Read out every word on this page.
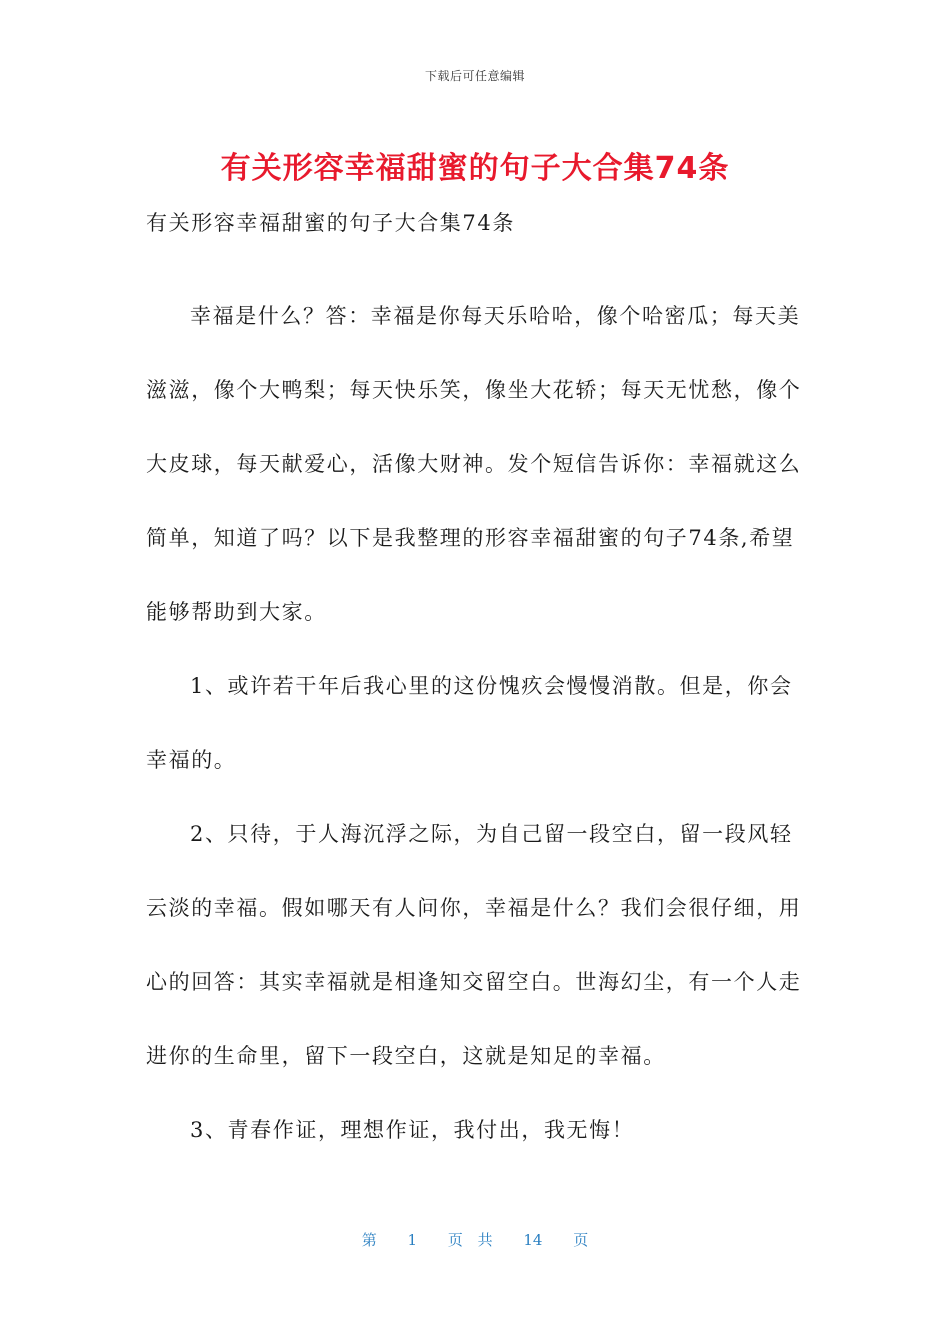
下载后可任意编辑
有关形容幸福甜蜜的句子大合集74条

有关形容幸福甜蜜的句子大合集74条

幸福是什么？答：幸福是你每天乐哈哈，像个哈密瓜；每天美滋滋，像个大鸭梨；每天快乐笑，像坐大花轿；每天无忧愁，像个大皮球，每天献爱心，活像大财神。发个短信告诉你：幸福就这么简单，知道了吗？以下是我整理的形容幸福甜蜜的句子74条,希望能够帮助到大家。

1、或许若干年后我心里的这份愧疚会慢慢消散。但是，你会幸福的。

2、只待，于人海沉浮之际，为自己留一段空白，留一段风轻云淡的幸福。假如哪天有人问你，幸福是什么？我们会很仔细，用心的回答：其实幸福就是相逢知交留空白。世海幻尘，有一个人走进你的生命里，留下一段空白，这就是知足的幸福。

3、青春作证，理想作证，我付出，我无悔！

第 1 页 共 14 页
